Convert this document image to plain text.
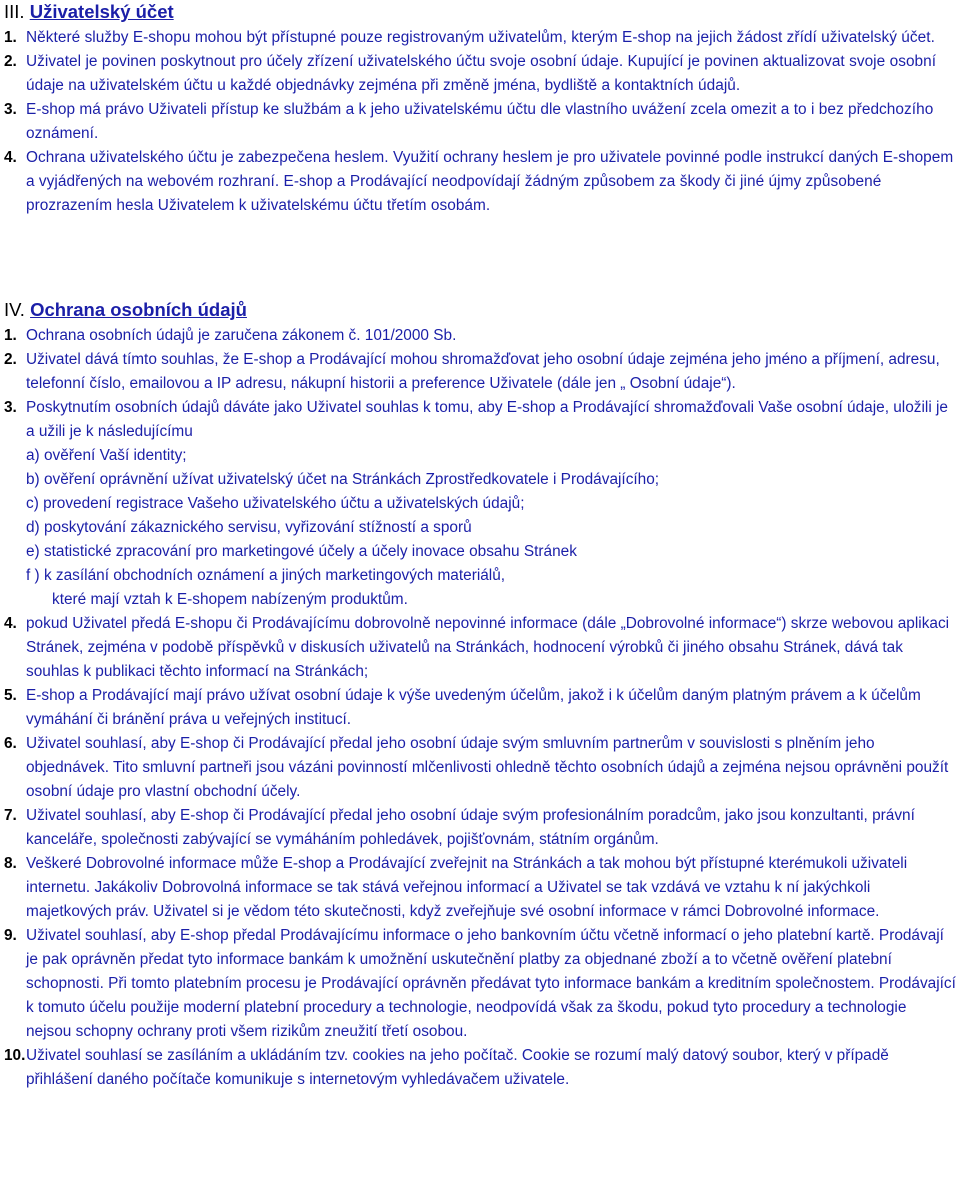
III. Uživatelský účet
1. Některé služby E-shopu mohou být přístupné pouze registrovaným uživatelům, kterým E-shop na jejich žádost zřídí uživatelský účet.
2. Uživatel je povinen poskytnout pro účely zřízení uživatelského účtu svoje osobní údaje. Kupující je povinen aktualizovat svoje osobní údaje na uživatelském účtu u každé objednávky zejména při změně jména, bydliště a kontaktních údajů.
3. E-shop má právo Uživateli přístup ke službám a k jeho uživatelskému účtu dle vlastního uvážení zcela omezit a to i bez předchozího oznámení.
4. Ochrana uživatelského účtu je zabezpečena heslem. Využití ochrany heslem je pro uživatele povinné podle instrukcí daných E-shopem a vyjádřených na webovém rozhraní. E-shop a Prodávající neodpovídají žádným způsobem za škody či jiné újmy způsobené prozrazením hesla Uživatelem k uživatelskému účtu třetím osobám.
IV. Ochrana osobních údajů
1. Ochrana osobních údajů je zaručena zákonem č. 101/2000 Sb.
2. Uživatel dává tímto souhlas, že E-shop a Prodávající mohou shromažďovat jeho osobní údaje zejména jeho jméno a příjmení, adresu, telefonní číslo, emailovou a IP adresu, nákupní historii a preference Uživatele (dále jen „ Osobní údaje“).
3. Poskytnutím osobních údajů dáváte jako Uživatel souhlas k tomu, aby E-shop a Prodávající shromažďovali Vaše osobní údaje, uložili je a užili je k následujícímu
a) ověření Vaší identity;
b) ověření oprávnění užívat uživatelský účet na Stránkách Zprostředkovatele i Prodávajícího;
c) provedení registrace Vašeho uživatelského účtu a uživatelských údajů;
d) poskytování zákaznického servisu, vyřizování stížností a sporů
e) statistické zpracování pro marketingové účely a účely inovace obsahu Stránek
f ) k zasílání obchodních oznámení a jiných marketingových materiálů,
které mají vztah k E-shopem nabízeným produktům.
4. pokud Uživatel předá E-shopu či Prodávajícímu dobrovolně nepovinné informace (dále „Dobrovolné informace“) skrze webovou aplikaci Stránek, zejména v podobě příspěvků v diskusích uživatelů na Stránkách, hodnocení výrobků či jiného obsahu Stránek, dává tak souhlas k publikaci těchto informací na Stránkách;
5. E-shop a Prodávající mají právo užívat osobní údaje k výše uvedeným účelům, jakož i k účelům daným platným právem a k účelům vymáhání či bránění práva u veřejných institucí.
6. Uživatel souhlasí, aby E-shop či Prodávající předal jeho osobní údaje svým smluvním partnerům v souvislosti s plněním jeho objednávek. Tito smluvní partneři jsou vázáni povinností mlčenlivosti ohledně těchto osobních údajů a zejména nejsou oprávněni použít osobní údaje pro vlastní obchodní účely.
7. Uživatel souhlasí, aby E-shop či Prodávající předal jeho osobní údaje svým profesionálním poradcům, jako jsou konzultanti, právní kanceláře, společnosti zabývající se vymáháním pohledávek, pojišťovnám, státním orgánům.
8. Veškeré Dobrovolné informace může E-shop a Prodávající zveřejnit na Stránkách a tak mohou být přístupné kterémukoli uživateli internetu. Jakákoliv Dobrovolná informace se tak stává veřejnou informací a Uživatel se tak vzdává ve vztahu k ní jakýchkoli majetkových práv. Uživatel si je vědom této skutečnosti, když zveřejňuje své osobní informace v rámci Dobrovolné informace.
9. Uživatel souhlasí, aby E-shop předal Prodávajícímu informace o jeho bankovním účtu včetně informací o jeho platební kartě. Prodávají je pak oprávněn předat tyto informace bankám k umožnění uskutečnění platby za objednané zboží a to včetně ověření platební schopnosti. Při tomto platebním procesu je Prodávající oprávněn předávat tyto informace bankám a kreditním společnostem. Prodávající k tomuto účelu použije moderní platební procedury a technologie, neodpovídá však za škodu, pokud tyto procedury a technologie nejsou schopny ochrany proti všem rizikům zneužití třetí osobou.
10. Uživatel souhlasí se zasíláním a ukládáním tzv. cookies na jeho počítač. Cookie se rozumí malý datový soubor, který v případě přihlášení daného počítače komunikuje s internetovým vyhledávačem uživatele.
